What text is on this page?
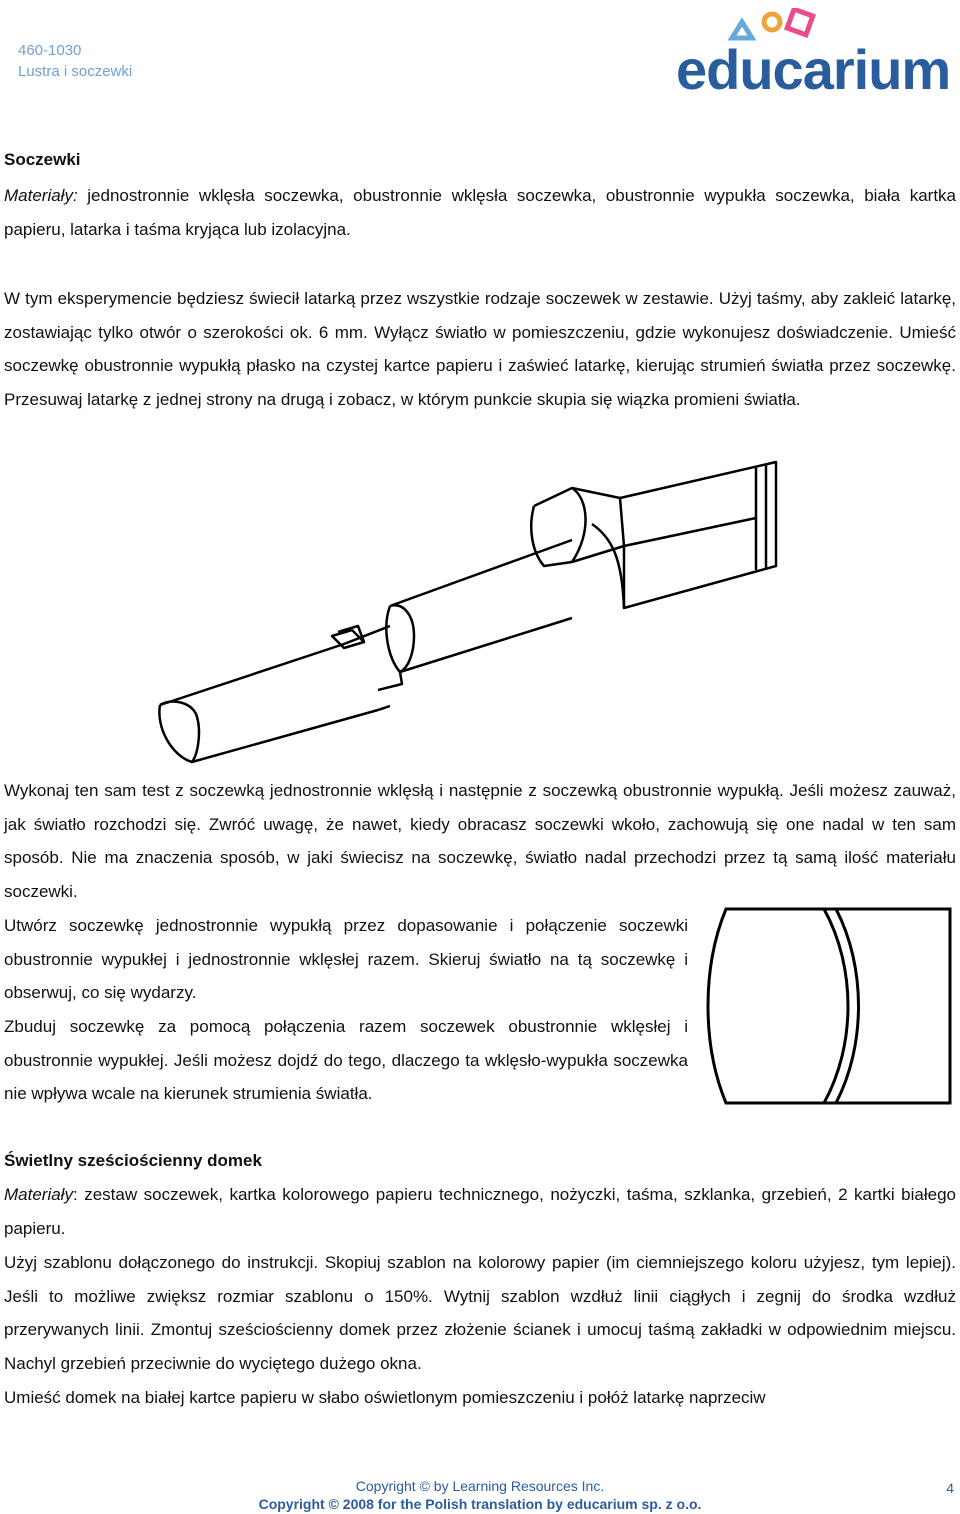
460-1030
Lustra i soczewki	educarium
Soczewki

Materiały: jednostronnie wklęsła soczewka, obustronnie wklęsła soczewka, obustronnie wypukła soczewka, biała kartka papieru, latarka i taśma kryjąca lub izolacyjna.

W tym eksperymencie będziesz świecił latarką przez wszystkie rodzaje soczewek w zestawie. Użyj taśmy, aby zakleić latarkę, zostawiając tylko otwór o szerokości ok. 6 mm. Wyłącz światło w pomieszczeniu, gdzie wykonujesz doświadczenie. Umieść soczewkę obustronnie wypukłą płasko na czystej kartce papieru i zaświeć latarkę, kierując strumień światła przez soczewkę. Przesuwaj latarkę z jednej strony na drugą i zobacz, w którym punkcie skupia się wiązka promieni światła.

Wykonaj ten sam test z soczewką jednostronnie wklęsłą i następnie z soczewką obustronnie wypukłą. Jeśli możesz zauważ, jak światło rozchodzi się. Zwróć uwagę, że nawet, kiedy obracasz soczewki wkoło, zachowują się one nadal w ten sam sposób. Nie ma znaczenia sposób, w jaki świecisz na soczewkę, światło nadal przechodzi przez tą samą ilość materiału soczewki.

Utwórz soczewkę jednostronnie wypukłą przez dopasowanie i połączenie soczewki obustronnie wypukłej i jednostronnie wklęsłej razem. Skieruj światło na tą soczewkę i obserwuj, co się wydarzy.

Zbuduj soczewkę za pomocą połączenia razem soczewek obustronnie wklęsłej i obustronnie wypukłej. Jeśli możesz dojdź do tego, dlaczego ta wklęsło-wypukła soczewka nie wpływa wcale na kierunek strumienia światła.

Świetlny sześciościenny domek

Materiały: zestaw soczewek, kartka kolorowego papieru technicznego, nożyczki, taśma, szklanka, grzebień, 2 kartki białego papieru.

Użyj szablonu dołączonego do instrukcji. Skopiuj szablon na kolorowy papier (im ciemniejszego koloru użyjesz, tym lepiej). Jeśli to możliwe zwiększ rozmiar szablonu o 150%. Wytnij szablon wzdłuż linii ciągłych i zegnij do środka wzdłuż przerywanych linii. Zmontuj sześciościenny domek przez złożenie ścianek i umocuj taśmą zakładki w odpowiednim miejscu. Nachyl grzebień przeciwnie do wyciętego dużego okna.

Umieść domek na białej kartce papieru w słabo oświetlonym pomieszczeniu i połóż latarkę naprzeciw

Copyright © by Learning Resources Inc.
Copyright © 2008 for the Polish translation by educarium sp. z o.o.
4
